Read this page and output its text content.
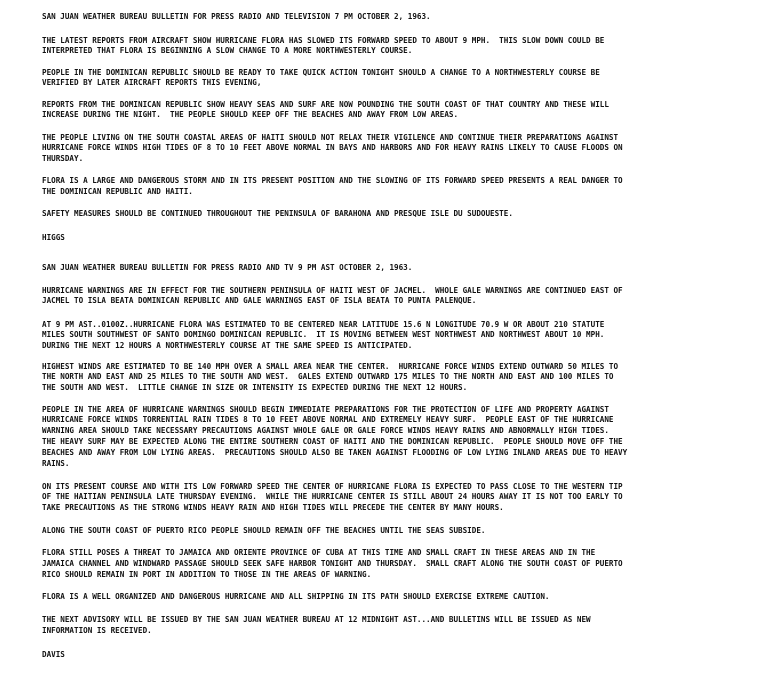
SAN JUAN WEATHER BUREAU BULLETIN FOR PRESS RADIO AND TELEVISION 7 PM OCTOBER 2, 1963.
THE LATEST REPORTS FROM AIRCRAFT SHOW HURRICANE FLORA HAS SLOWED ITS FORWARD SPEED TO ABOUT 9 MPH.  THIS SLOW DOWN COULD BE
INTERPRETED THAT FLORA IS BEGINNING A SLOW CHANGE TO A MORE NORTHWESTERLY COURSE.
PEOPLE IN THE DOMINICAN REPUBLIC SHOULD BE READY TO TAKE QUICK ACTION TONIGHT SHOULD A CHANGE TO A NORTHWESTERLY COURSE BE
VERIFIED BY LATER AIRCRAFT REPORTS THIS EVENING,
REPORTS FROM THE DOMINICAN REPUBLIC SHOW HEAVY SEAS AND SURF ARE NOW POUNDING THE SOUTH COAST OF THAT COUNTRY AND THESE WILL
INCREASE DURING THE NIGHT.  THE PEOPLE SHOULD KEEP OFF THE BEACHES AND AWAY FROM LOW AREAS.
THE PEOPLE LIVING ON THE SOUTH COASTAL AREAS OF HAITI SHOULD NOT RELAX THEIR VIGILENCE AND CONTINUE THEIR PREPARATIONS AGAINST
HURRICANE FORCE WINDS HIGH TIDES OF 8 TO 10 FEET ABOVE NORMAL IN BAYS AND HARBORS AND FOR HEAVY RAINS LIKELY TO CAUSE FLOODS ON
THURSDAY.
FLORA IS A LARGE AND DANGEROUS STORM AND IN ITS PRESENT POSITION AND THE SLOWING OF ITS FORWARD SPEED PRESENTS A REAL DANGER TO
THE DOMINICAN REPUBLIC AND HAITI.
SAFETY MEASURES SHOULD BE CONTINUED THROUGHOUT THE PENINSULA OF BARAHONA AND PRESQUE ISLE DU SUDOUESTE.
HIGGS
SAN JUAN WEATHER BUREAU BULLETIN FOR PRESS RADIO AND TV 9 PM AST OCTOBER 2, 1963.
HURRICANE WARNINGS ARE IN EFFECT FOR THE SOUTHERN PENINSULA OF HAITI WEST OF JACMEL.  WHOLE GALE WARNINGS ARE CONTINUED EAST OF
JACMEL TO ISLA BEATA DOMINICAN REPUBLIC AND GALE WARNINGS EAST OF ISLA BEATA TO PUNTA PALENQUE.
AT 9 PM AST..0100Z..HURRICANE FLORA WAS ESTIMATED TO BE CENTERED NEAR LATITUDE 15.6 N LONGITUDE 70.9 W OR ABOUT 210 STATUTE
MILES SOUTH SOUTHWEST OF SANTO DOMINGO DOMINICAN REPUBLIC.  IT IS MOVING BETWEEN WEST NORTHWEST AND NORTHWEST ABOUT 10 MPH.
DURING THE NEXT 12 HOURS A NORTHWESTERLY COURSE AT THE SAME SPEED IS ANTICIPATED.
HIGHEST WINDS ARE ESTIMATED TO BE 140 MPH OVER A SMALL AREA NEAR THE CENTER.  HURRICANE FORCE WINDS EXTEND OUTWARD 50 MILES TO
THE NORTH AND EAST AND 25 MILES TO THE SOUTH AND WEST.  GALES EXTEND OUTWARD 175 MILES TO THE NORTH AND EAST AND 100 MILES TO
THE SOUTH AND WEST.  LITTLE CHANGE IN SIZE OR INTENSITY IS EXPECTED DURING THE NEXT 12 HOURS.
PEOPLE IN THE AREA OF HURRICANE WARNINGS SHOULD BEGIN IMMEDIATE PREPARATIONS FOR THE PROTECTION OF LIFE AND PROPERTY AGAINST
HURRICANE FORCE WINDS TORRENTIAL RAIN TIDES 8 TO 10 FEET ABOVE NORMAL AND EXTREMELY HEAVY SURF.  PEOPLE EAST OF THE HURRICANE
WARNING AREA SHOULD TAKE NECESSARY PRECAUTIONS AGAINST WHOLE GALE OR GALE FORCE WINDS HEAVY RAINS AND ABNORMALLY HIGH TIDES.
THE HEAVY SURF MAY BE EXPECTED ALONG THE ENTIRE SOUTHERN COAST OF HAITI AND THE DOMINICAN REPUBLIC.  PEOPLE SHOULD MOVE OFF THE
BEACHES AND AWAY FROM LOW LYING AREAS.  PRECAUTIONS SHOULD ALSO BE TAKEN AGAINST FLOODING OF LOW LYING INLAND AREAS DUE TO HEAVY
RAINS.
ON ITS PRESENT COURSE AND WITH ITS LOW FORWARD SPEED THE CENTER OF HURRICANE FLORA IS EXPECTED TO PASS CLOSE TO THE WESTERN TIP
OF THE HAITIAN PENINSULA LATE THURSDAY EVENING.  WHILE THE HURRICANE CENTER IS STILL ABOUT 24 HOURS AWAY IT IS NOT TOO EARLY TO
TAKE PRECAUTIONS AS THE STRONG WINDS HEAVY RAIN AND HIGH TIDES WILL PRECEDE THE CENTER BY MANY HOURS.
ALONG THE SOUTH COAST OF PUERTO RICO PEOPLE SHOULD REMAIN OFF THE BEACHES UNTIL THE SEAS SUBSIDE.
FLORA STILL POSES A THREAT TO JAMAICA AND ORIENTE PROVINCE OF CUBA AT THIS TIME AND SMALL CRAFT IN THESE AREAS AND IN THE
JAMAICA CHANNEL AND WINDWARD PASSAGE SHOULD SEEK SAFE HARBOR TONIGHT AND THURSDAY.  SMALL CRAFT ALONG THE SOUTH COAST OF PUERTO
RICO SHOULD REMAIN IN PORT IN ADDITION TO THOSE IN THE AREAS OF WARNING.
FLORA IS A WELL ORGANIZED AND DANGEROUS HURRICANE AND ALL SHIPPING IN ITS PATH SHOULD EXERCISE EXTREME CAUTION.
THE NEXT ADVISORY WILL BE ISSUED BY THE SAN JUAN WEATHER BUREAU AT 12 MIDNIGHT AST...AND BULLETINS WILL BE ISSUED AS NEW
INFORMATION IS RECEIVED.
DAVIS
